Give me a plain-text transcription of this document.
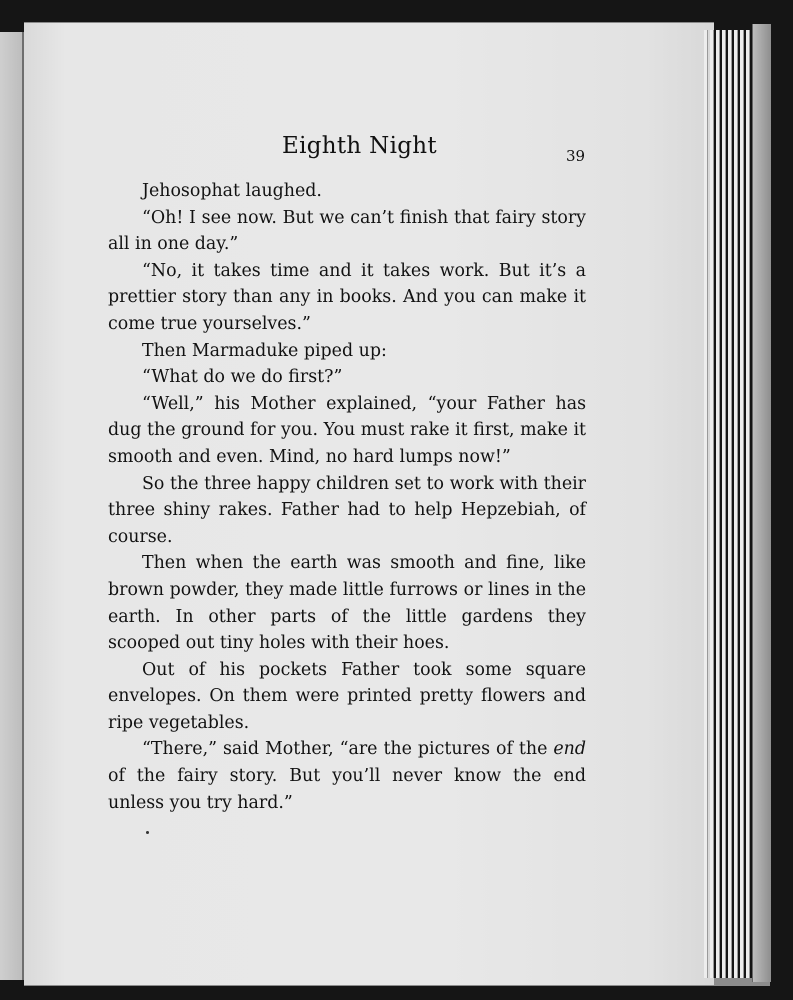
Eighth Night	39

Jehosophat laughed.

“Oh! I see now. But we can’t finish that fairy story all in one day.”

“No, it takes time and it takes work. But it’s a prettier story than any in books. And you can make it come true yourselves.”

Then Marmaduke piped up:

“What do we do first?”

“Well,” his Mother explained, “your Father has dug the ground for you. You must rake it first, make it smooth and even. Mind, no hard lumps now!”

So the three happy children set to work with their three shiny rakes. Father had to help Hepzebiah, of course.

Then when the earth was smooth and fine, like brown powder, they made little furrows or lines in the earth. In other parts of the little gardens they scooped out tiny holes with their hoes.

Out of his pockets Father took some square envelopes. On them were printed pretty flowers and ripe vegetables.

“There,” said Mother, “are the pictures of the end of the fairy story. But you’ll never know the end unless you try hard.”
